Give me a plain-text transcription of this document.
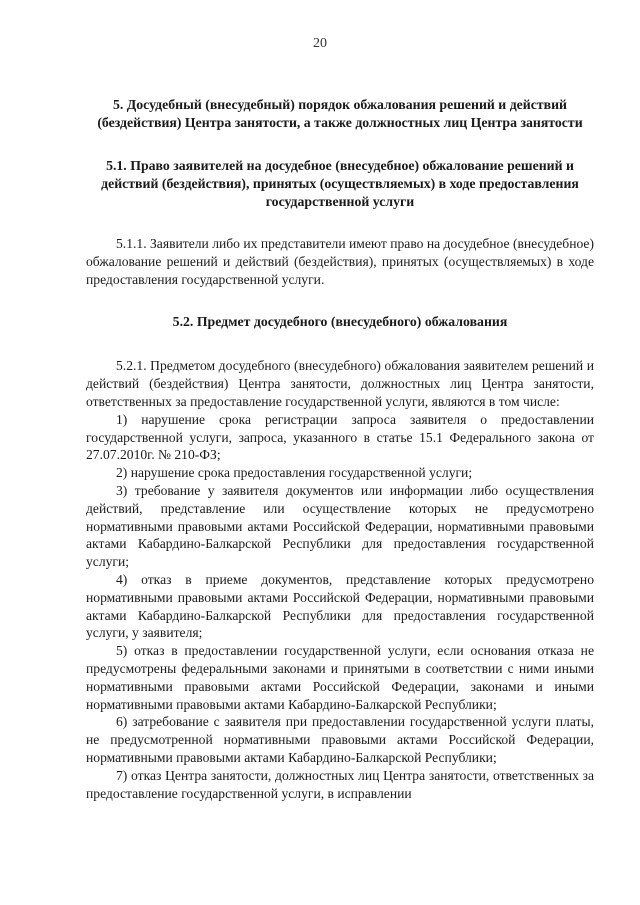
20
5. Досудебный (внесудебный) порядок обжалования решений и действий (бездействия) Центра занятости, а также должностных лиц Центра занятости
5.1. Право заявителей на досудебное (внесудебное) обжалование решений и действий (бездействия), принятых (осуществляемых) в ходе предоставления государственной услуги

5.1.1. Заявители либо их представители имеют право на досудебное (внесудебное) обжалование решений и действий (бездействия), принятых (осуществляемых) в ходе предоставления государственной услуги.

5.2. Предмет досудебного (внесудебного) обжалования

5.2.1. Предметом досудебного (внесудебного) обжалования заявителем решений и действий (бездействия) Центра занятости, должностных лиц Центра занятости, ответственных за предоставление государственной услуги, являются в том числе:

1) нарушение срока регистрации запроса заявителя о предоставлении государственной услуги, запроса, указанного в статье 15.1 Федерального закона от 27.07.2010г. № 210-ФЗ;

2) нарушение срока предоставления государственной услуги;

3) требование у заявителя документов или информации либо осуществления действий, представление или осуществление которых не предусмотрено нормативными правовыми актами Российской Федерации, нормативными правовыми актами Кабардино-Балкарской Республики для предоставления государственной услуги;

4) отказ в приеме документов, представление которых предусмотрено нормативными правовыми актами Российской Федерации, нормативными правовыми актами Кабардино-Балкарской Республики для предоставления государственной услуги, у заявителя;

5) отказ в предоставлении государственной услуги, если основания отказа не предусмотрены федеральными законами и принятыми в соответствии с ними иными нормативными правовыми актами Российской Федерации, законами и иными нормативными правовыми актами Кабардино-Балкарской Республики;

6) затребование с заявителя при предоставлении государственной услуги платы, не предусмотренной нормативными правовыми актами Российской Федерации, нормативными правовыми актами Кабардино-Балкарской Республики;

7) отказ Центра занятости, должностных лиц Центра занятости, ответственных за предоставление государственной услуги, в исправлении
